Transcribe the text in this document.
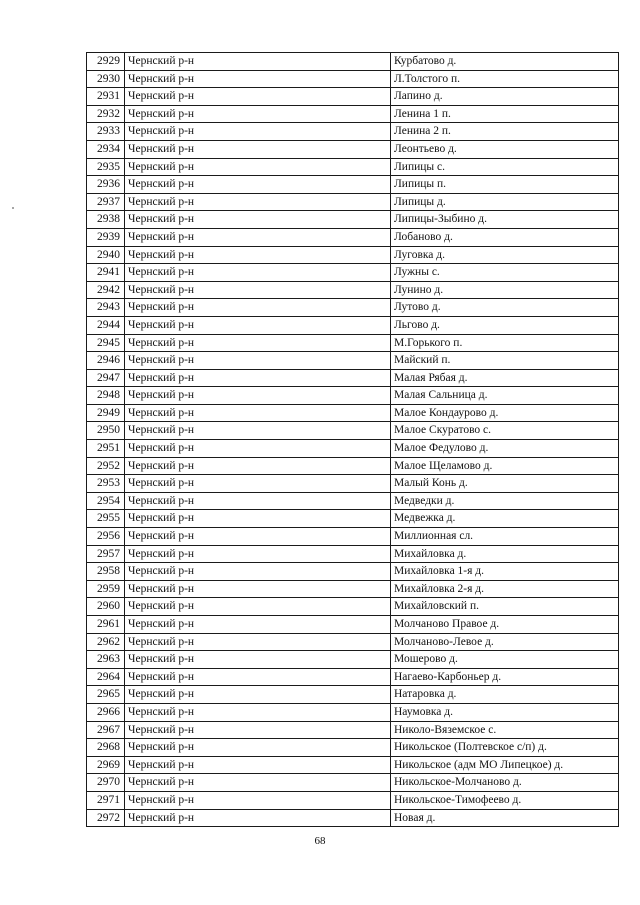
2929	Чернский р-н	Курбатово д.
2930	Чернский р-н	Л.Толстого п.
2931	Чернский р-н	Лапино д.
2932	Чернский р-н	Ленина 1 п.
2933	Чернский р-н	Ленина 2 п.
2934	Чернский р-н	Леонтьево д.
2935	Чернский р-н	Липицы с.
2936	Чернский р-н	Липицы п.
2937	Чернский р-н	Липицы д.
2938	Чернский р-н	Липицы-Зыбино д.
2939	Чернский р-н	Лобаново д.
2940	Чернский р-н	Луговка д.
2941	Чернский р-н	Лужны с.
2942	Чернский р-н	Лунино д.
2943	Чернский р-н	Лутово д.
2944	Чернский р-н	Льгово д.
2945	Чернский р-н	М.Горького п.
2946	Чернский р-н	Майский п.
2947	Чернский р-н	Малая Рябая д.
2948	Чернский р-н	Малая Сальница д.
2949	Чернский р-н	Малое Кондаурово д.
2950	Чернский р-н	Малое Скуратово с.
2951	Чернский р-н	Малое Федулово д.
2952	Чернский р-н	Малое Щеламово д.
2953	Чернский р-н	Малый Конь д.
2954	Чернский р-н	Медведки д.
2955	Чернский р-н	Медвежка д.
2956	Чернский р-н	Миллионная сл.
2957	Чернский р-н	Михайловка д.
2958	Чернский р-н	Михайловка 1-я д.
2959	Чернский р-н	Михайловка 2-я д.
2960	Чернский р-н	Михайловский п.
2961	Чернский р-н	Молчаново Правое д.
2962	Чернский р-н	Молчаново-Левое д.
2963	Чернский р-н	Мошерово д.
2964	Чернский р-н	Нагаево-Карбоньер д.
2965	Чернский р-н	Натаровка д.
2966	Чернский р-н	Наумовка д.
2967	Чернский р-н	Николо-Вяземское с.
2968	Чернский р-н	Никольское (Полтевское с/п) д.
2969	Чернский р-н	Никольское (адм МО Липецкое) д.
2970	Чернский р-н	Никольское-Молчаново д.
2971	Чернский р-н	Никольское-Тимофеево д.
2972	Чернский р-н	Новая д.
68
